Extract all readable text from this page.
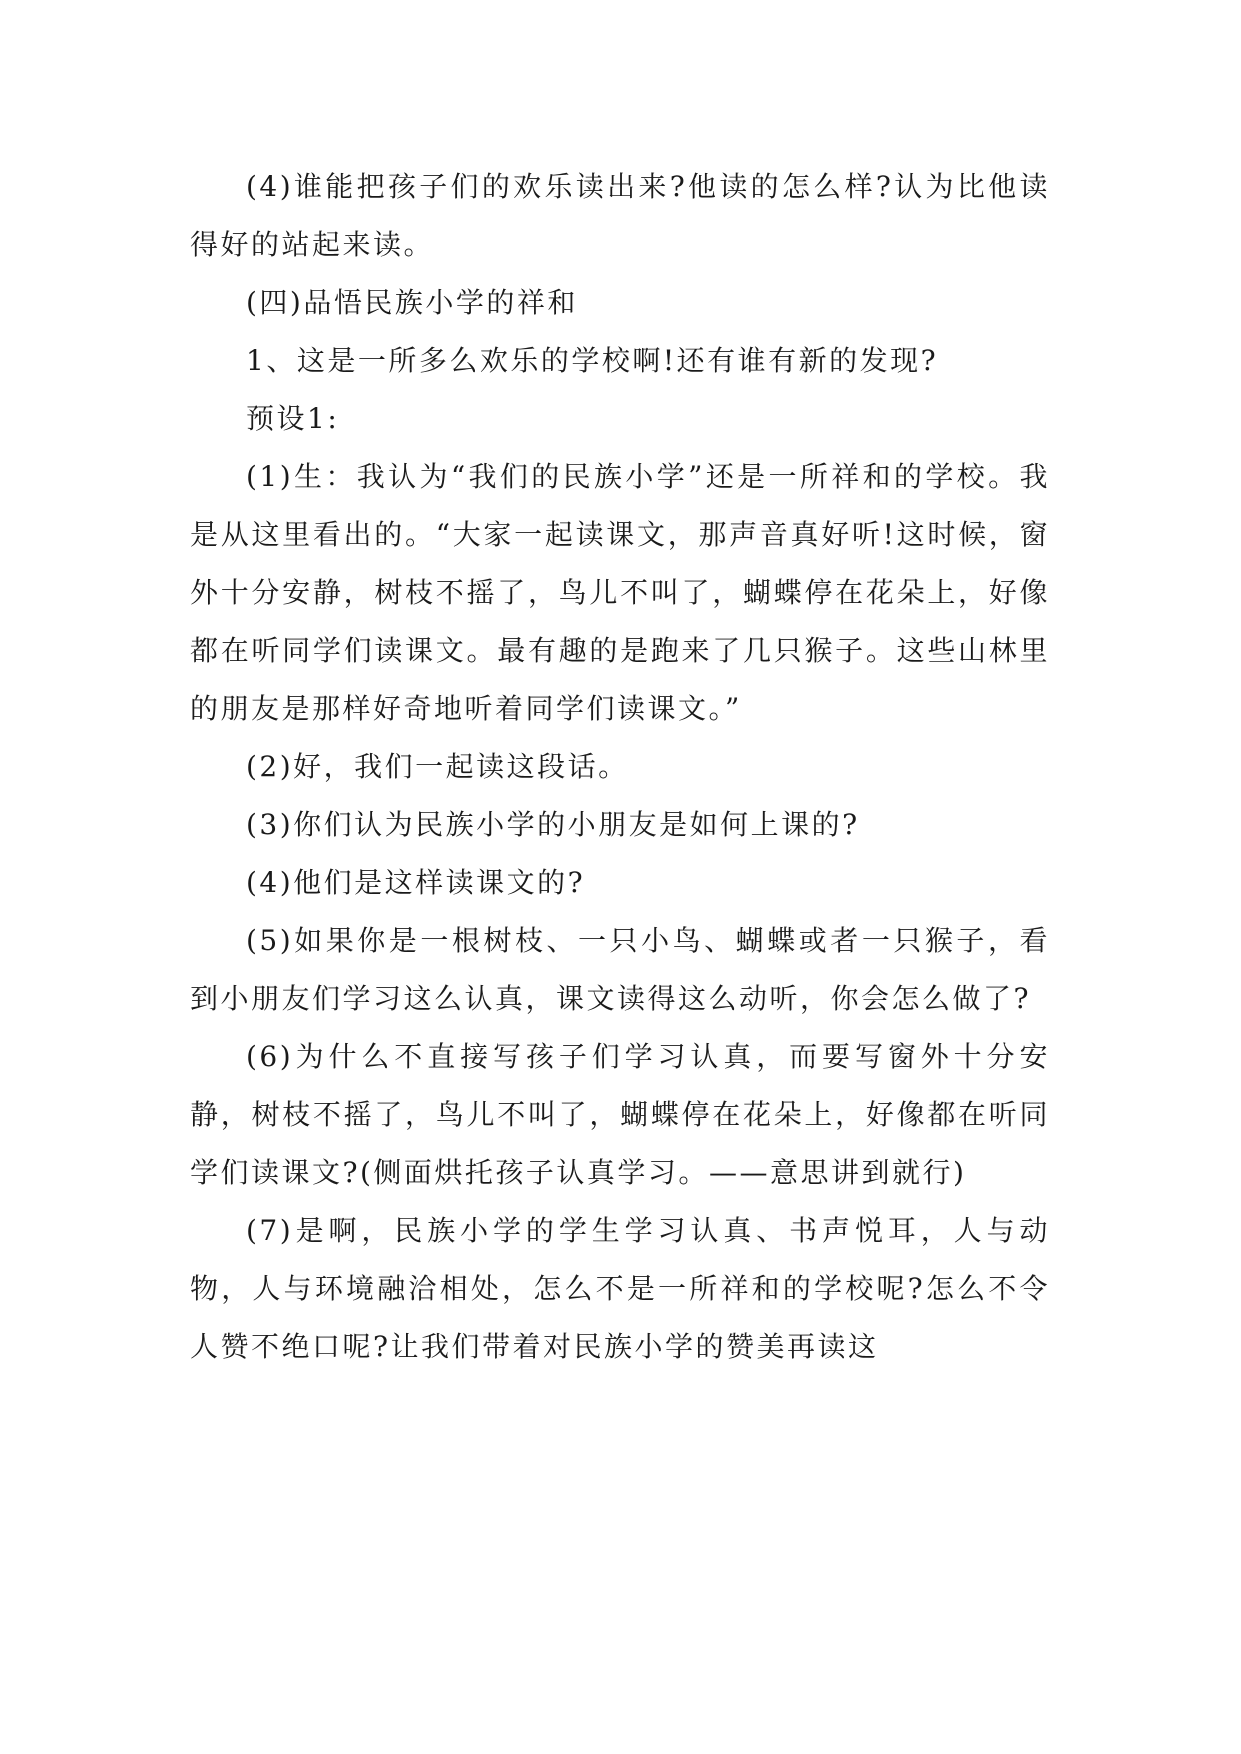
(4)谁能把孩子们的欢乐读出来?他读的怎么样?认为比他读得好的站起来读。

(四)品悟民族小学的祥和

1、这是一所多么欢乐的学校啊!还有谁有新的发现?

预设1:

(1)生：我认为“我们的民族小学”还是一所祥和的学校。我是从这里看出的。“大家一起读课文，那声音真好听!这时候，窗外十分安静，树枝不摇了，鸟儿不叫了，蝴蝶停在花朵上，好像都在听同学们读课文。最有趣的是跑来了几只猴子。这些山林里的朋友是那样好奇地听着同学们读课文。”

(2)好，我们一起读这段话。

(3)你们认为民族小学的小朋友是如何上课的?

(4)他们是这样读课文的?

(5)如果你是一根树枝、一只小鸟、蝴蝶或者一只猴子，看到小朋友们学习这么认真，课文读得这么动听，你会怎么做了?

(6)为什么不直接写孩子们学习认真，而要写窗外十分安静，树枝不摇了，鸟儿不叫了，蝴蝶停在花朵上，好像都在听同学们读课文?(侧面烘托孩子认真学习。——意思讲到就行)

(7)是啊，民族小学的学生学习认真、书声悦耳，人与动物，人与环境融洽相处，怎么不是一所祥和的学校呢?怎么不令人赞不绝口呢?让我们带着对民族小学的赞美再读这
